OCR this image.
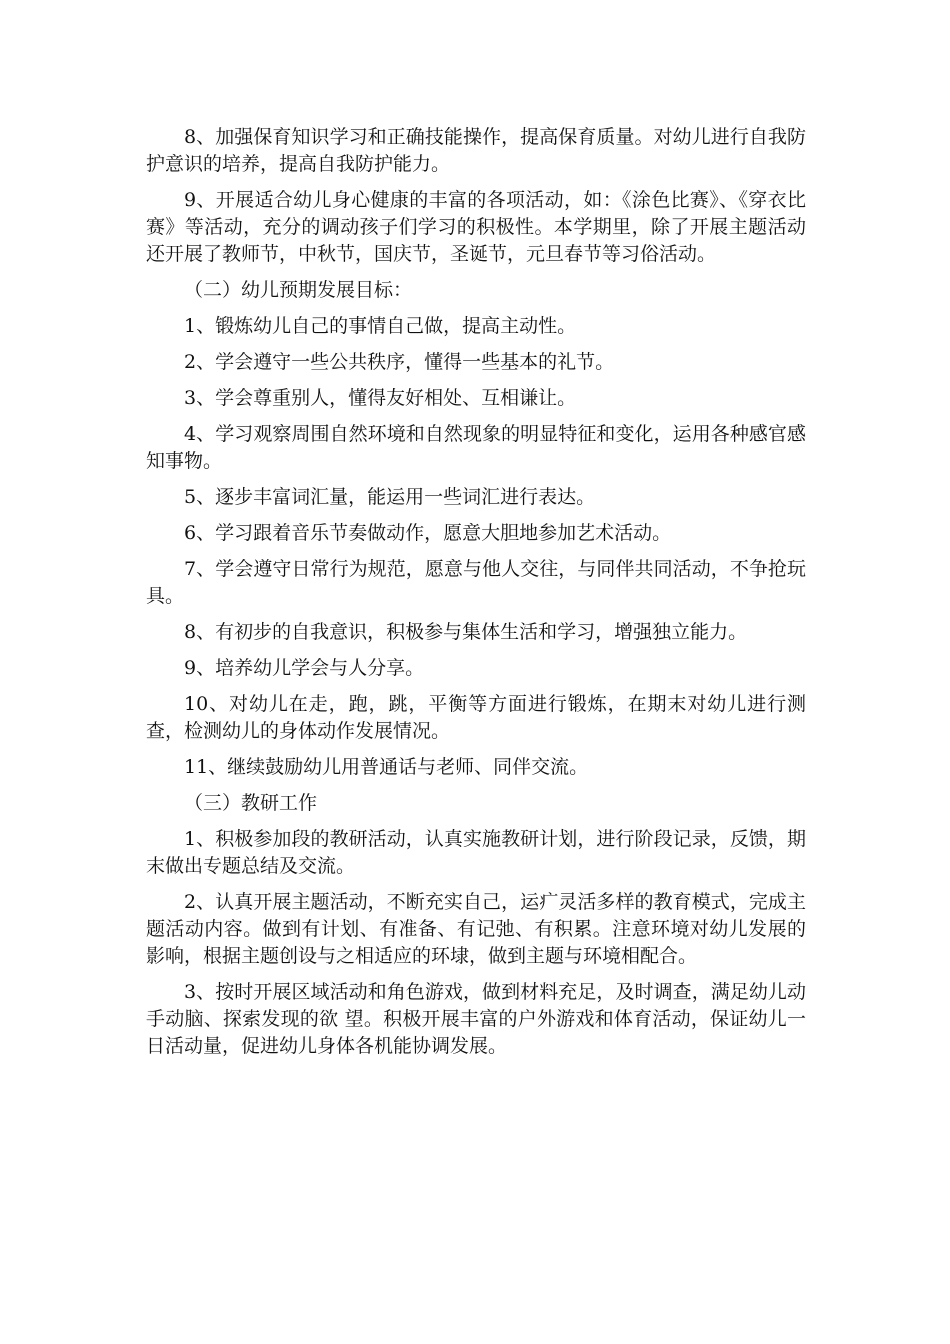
8、加强保育知识学习和正确技能操作，提高保育质量。对幼儿进行自我防护意识的培养，提高自我防护能力。

9、开展适合幼儿身心健康的丰富的各项活动，如：《涂色比赛》、《穿衣比赛》等活动，充分的调动孩子们学习的积极性。本学期里，除了开展主题活动还开展了教师节，中秋节，国庆节，圣诞节，元旦春节等习俗活动。

（二）幼儿预期发展目标：

1、锻炼幼儿自己的事情自己做，提高主动性。

2、学会遵守一些公共秩序，懂得一些基本的礼节。

3、学会尊重别人，懂得友好相处、互相谦让。

4、学习观察周围自然环境和自然现象的明显特征和变化，运用各种感官感知事物。

5、逐步丰富词汇量，能运用一些词汇进行表达。

6、学习跟着音乐节奏做动作，愿意大胆地参加艺术活动。

7、学会遵守日常行为规范，愿意与他人交往，与同伴共同活动，不争抢玩具。

8、有初步的自我意识，积极参与集体生活和学习，增强独立能力。

9、培养幼儿学会与人分享。

10、对幼儿在走，跑，跳，平衡等方面进行锻炼，在期末对幼儿进行测查，检测幼儿的身体动作发展情况。

11、继续鼓励幼儿用普通话与老师、同伴交流。

（三）教研工作

1、积极参加段的教研活动，认真实施教研计划，进行阶段记录，反馈，期末做出专题总结及交流。

2、认真开展主题活动，不断充实自己，运疒灵活多样的教育模式，完成主题活动内容。做到有计划、有准备、有记弛、有积累。注意环境对幼儿发展的影响，根据主题创设与之相适应的环埭，做到主题与环境相配合。

3、按时开展区域活动和角色游戏，做到材料充足，及时调查，满足幼儿动手动脑、探索发现的欲 望。积极开展丰富的户外游戏和体育活动，保证幼儿一日活动量，促进幼儿身体各机能协调发展。
